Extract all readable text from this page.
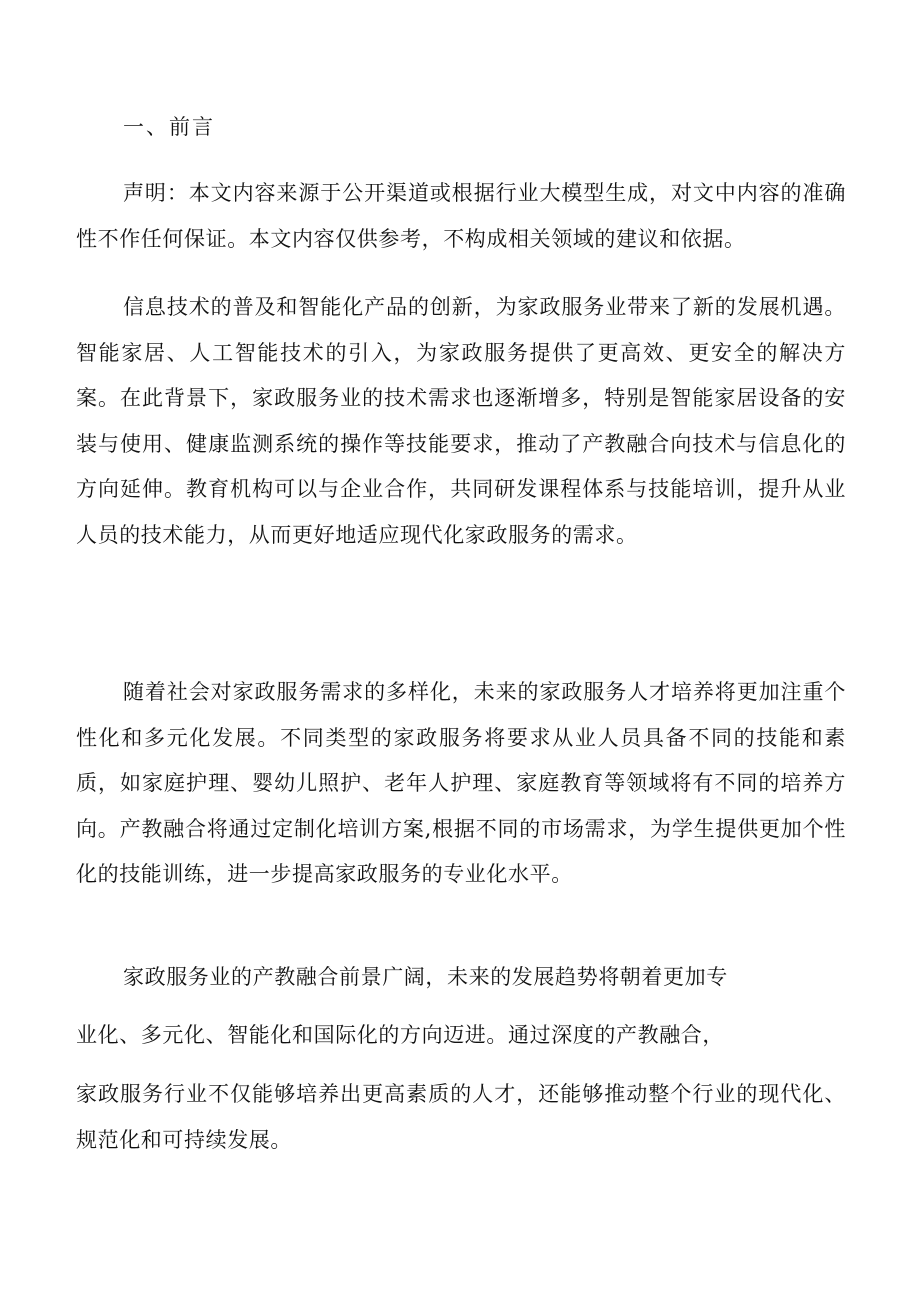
一、前言

声明：本文内容来源于公开渠道或根据行业大模型生成，对文中内容的准确性不作任何保证。本文内容仅供参考，不构成相关领域的建议和依据。

信息技术的普及和智能化产品的创新，为家政服务业带来了新的发展机遇。智能家居、人工智能技术的引入，为家政服务提供了更高效、更安全的解决方案。在此背景下，家政服务业的技术需求也逐渐增多，特别是智能家居设备的安装与使用、健康监测系统的操作等技能要求，推动了产教融合向技术与信息化的方向延伸。教育机构可以与企业合作，共同研发课程体系与技能培训，提升从业人员的技术能力，从而更好地适应现代化家政服务的需求。

随着社会对家政服务需求的多样化，未来的家政服务人才培养将更加注重个性化和多元化发展。不同类型的家政服务将要求从业人员具备不同的技能和素质，如家庭护理、婴幼儿照护、老年人护理、家庭教育等领域将有不同的培养方向。产教融合将通过定制化培训方案,根据不同的市场需求，为学生提供更加个性化的技能训练，进一步提高家政服务的专业化水平。

家政服务业的产教融合前景广阔，未来的发展趋势将朝着更加专
业化、多元化、智能化和国际化的方向迈进。通过深度的产教融合，
家政服务行业不仅能够培养出更高素质的人才，还能够推动整个行业的现代化、规范化和可持续发展。
